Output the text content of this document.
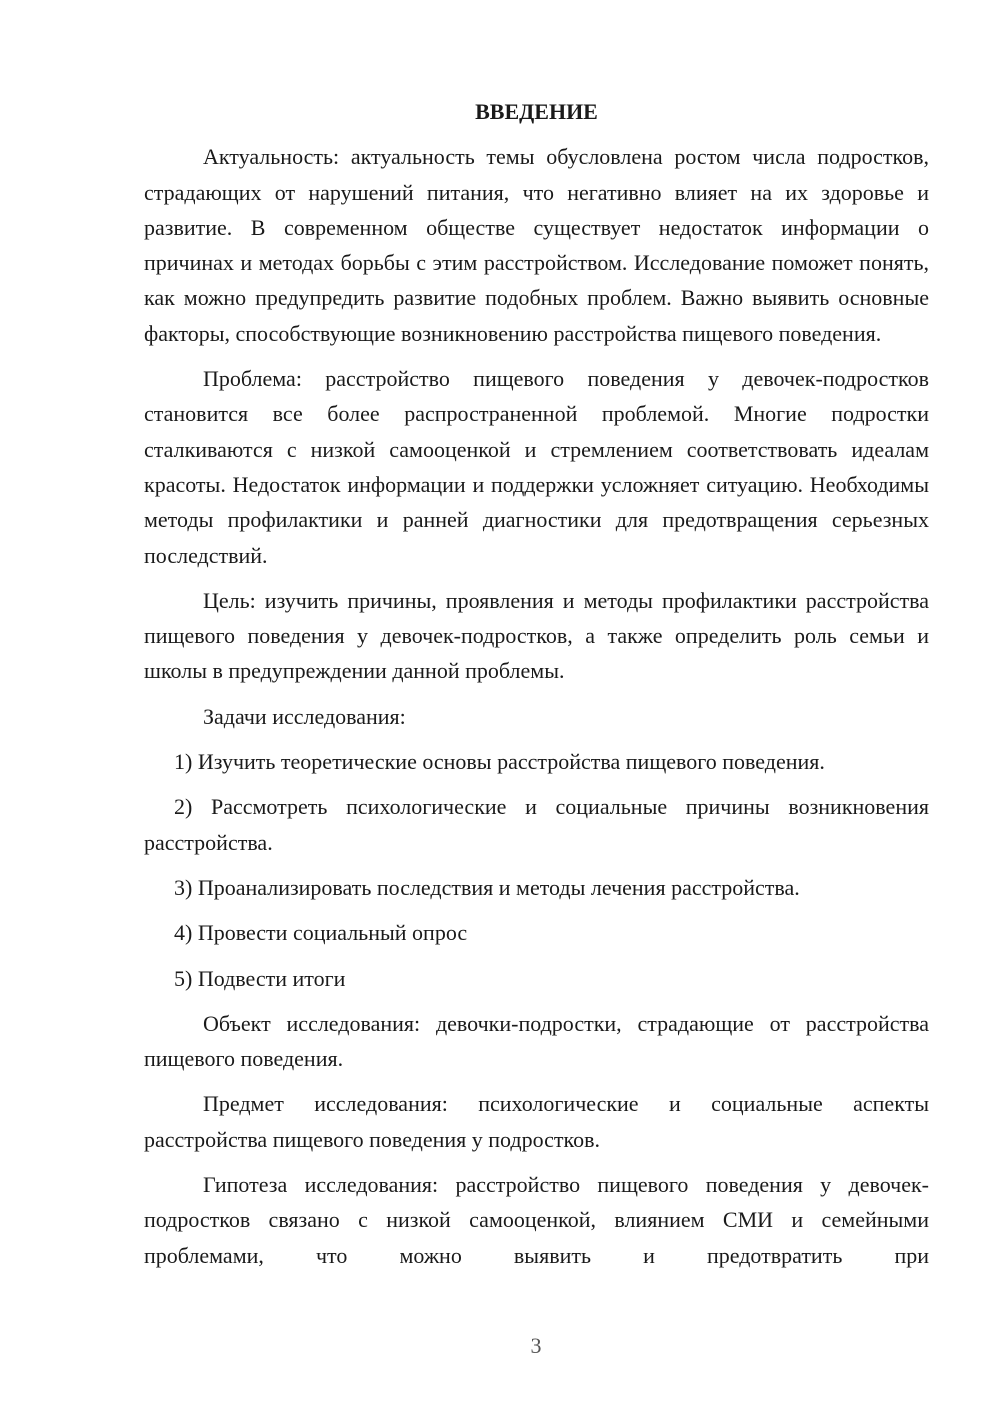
ВВЕДЕНИЕ

Актуальность: актуальность темы обусловлена ростом числа подростков, страдающих от нарушений питания, что негативно влияет на их здоровье и развитие. В современном обществе существует недостаток информации о причинах и методах борьбы с этим расстройством. Исследование поможет понять, как можно предупредить развитие подобных проблем. Важно выявить основные факторы, способствующие возникновению расстройства пищевого поведения.

Проблема: расстройство пищевого поведения у девочек-подростков становится все более распространенной проблемой. Многие подростки сталкиваются с низкой самооценкой и стремлением соответствовать идеалам красоты. Недостаток информации и поддержки усложняет ситуацию. Необходимы методы профилактики и ранней диагностики для предотвращения серьезных последствий.

Цель: изучить причины, проявления и методы профилактики расстройства пищевого поведения у девочек-подростков, а также определить роль семьи и школы в предупреждении данной проблемы.

Задачи исследования:

1) Изучить теоретические основы расстройства пищевого поведения.

2) Рассмотреть психологические и социальные причины возникновения расстройства.

3) Проанализировать последствия и методы лечения расстройства.

4) Провести социальный опрос

5) Подвести итоги

Объект исследования: девочки-подростки, страдающие от расстройства пищевого поведения.

Предмет исследования: психологические и социальные аспекты расстройства пищевого поведения у подростков.

Гипотеза исследования: расстройство пищевого поведения у девочек-подростков связано с низкой самооценкой, влиянием СМИ и семейными проблемами, что можно выявить и предотвратить при

3
